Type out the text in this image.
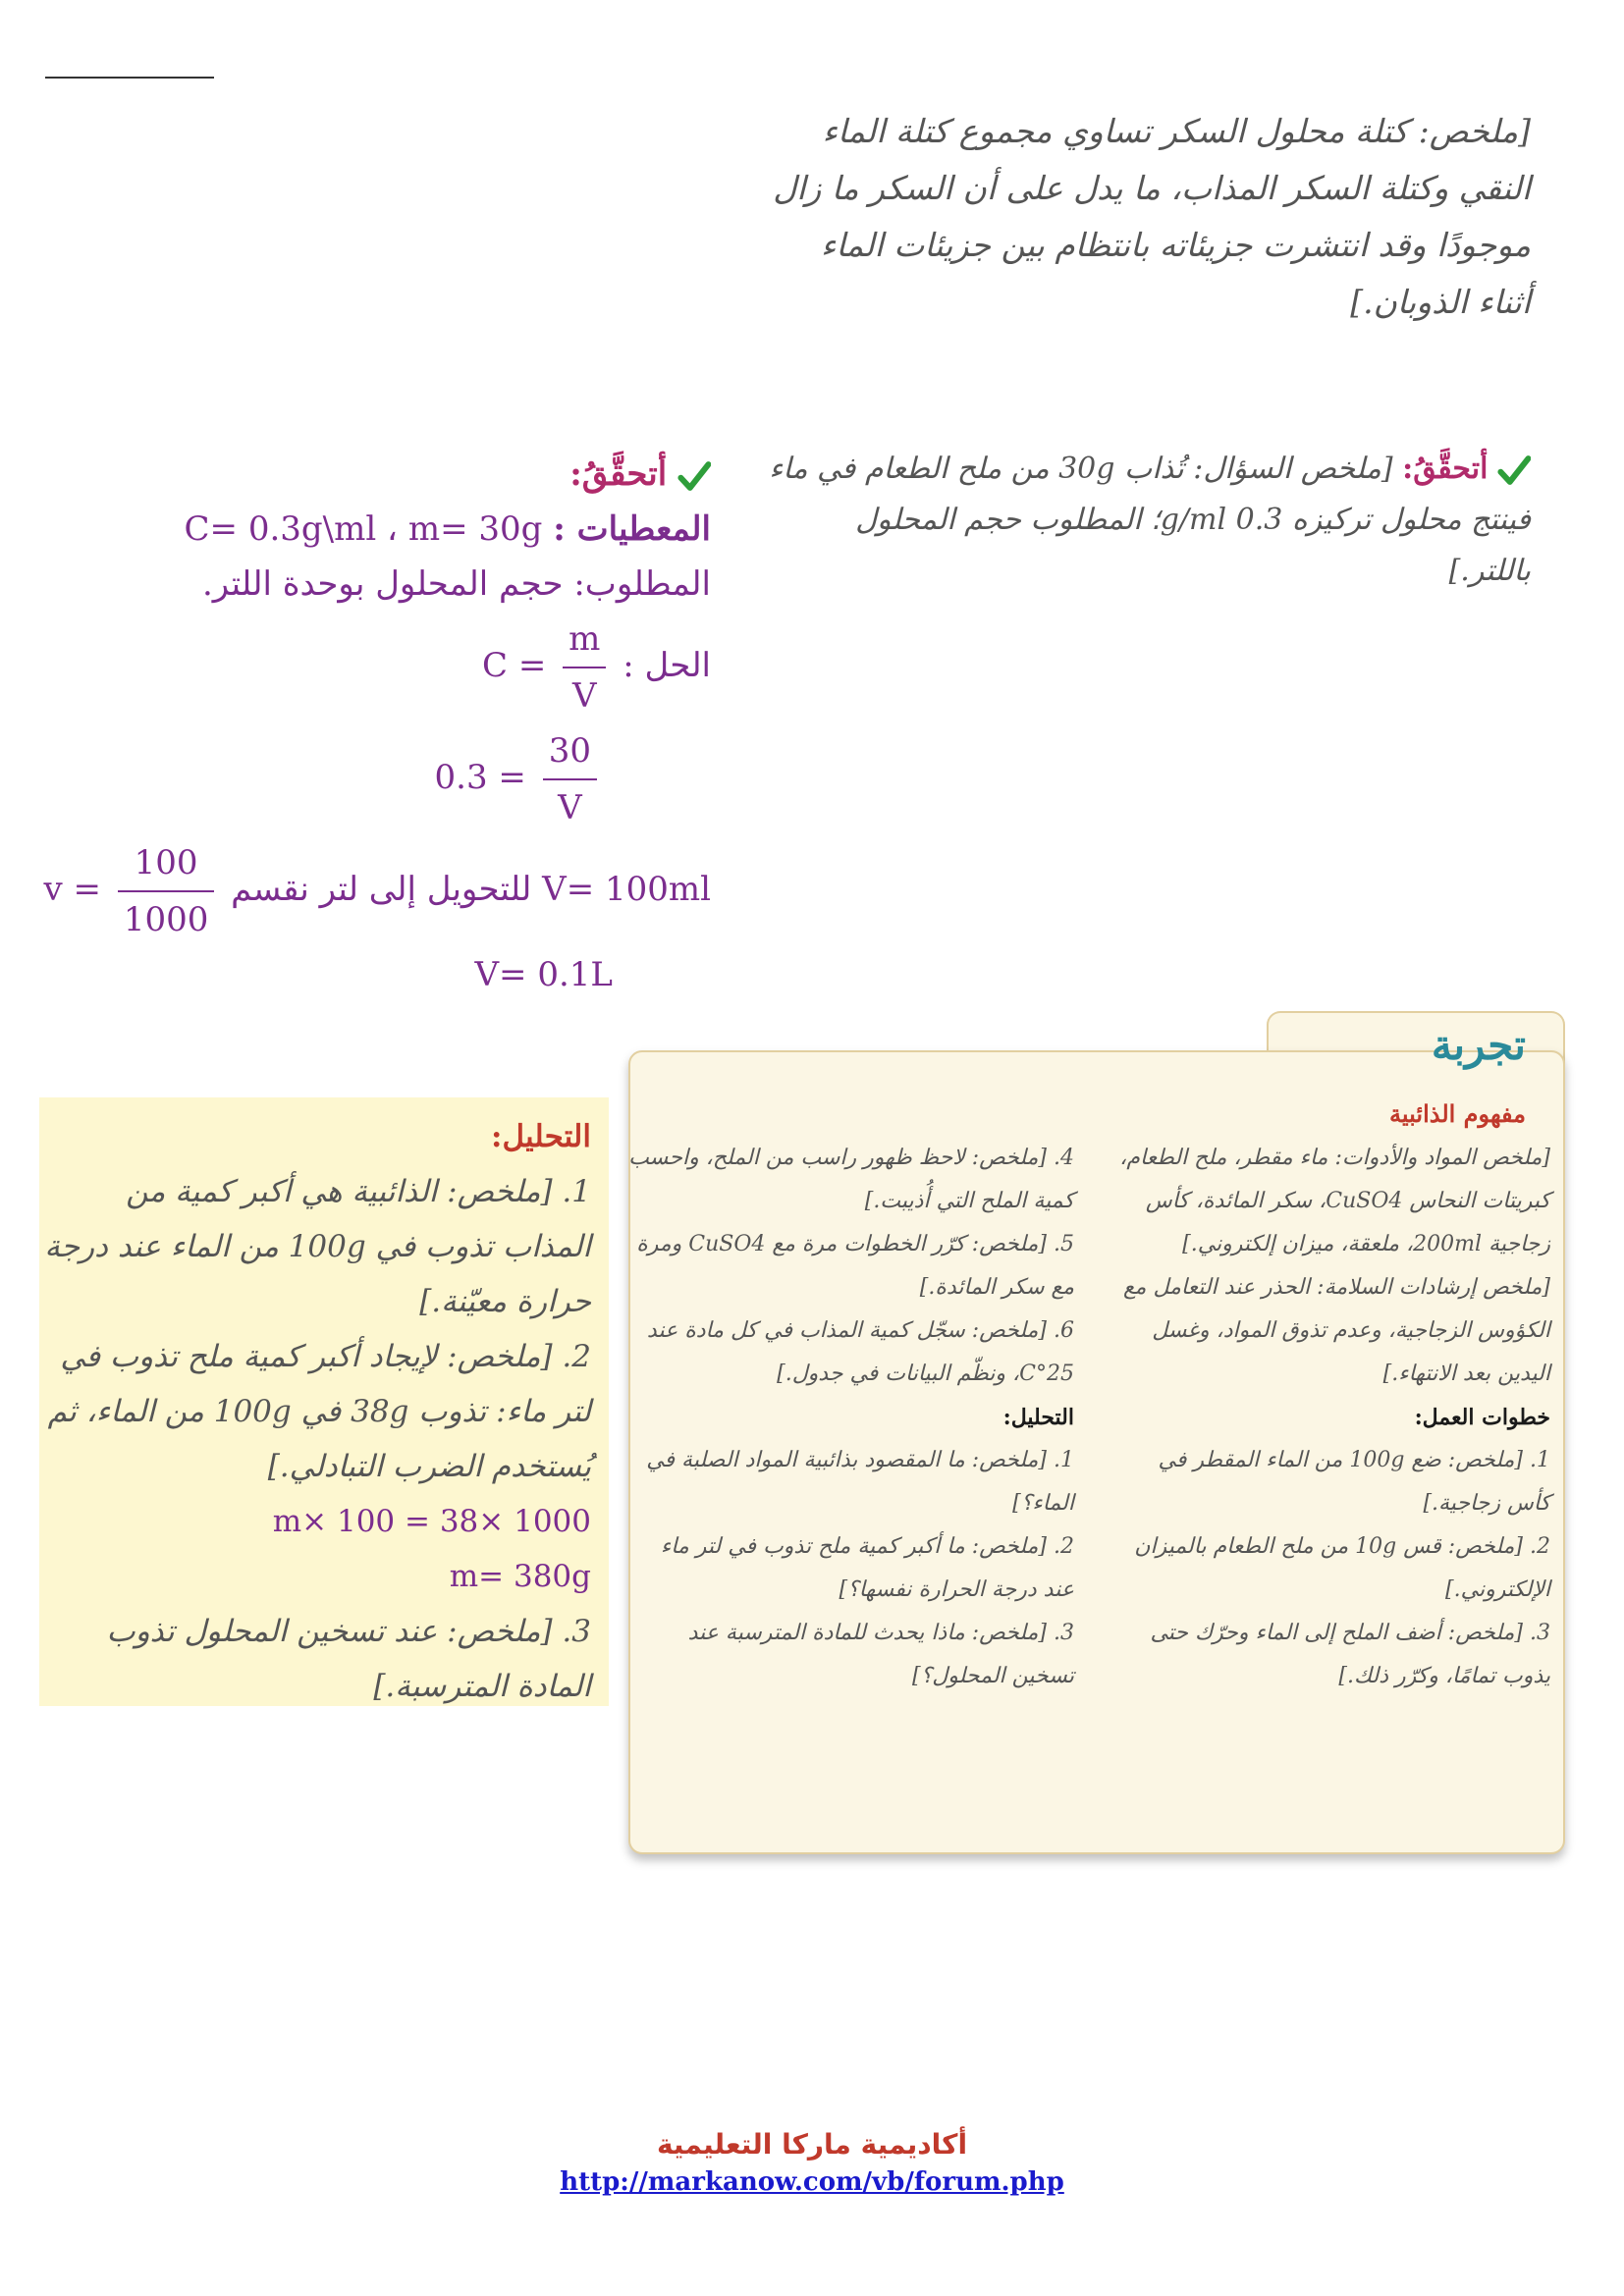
[ملخص: كتلة محلول السكر تساوي مجموع كتلة الماء النقي وكتلة السكر المذاب، ما يدل على أن السكر ما زال موجودًا وقد انتشرت جزيئاته بانتظام بين جزيئات الماء أثناء الذوبان.]
أتحقَّقُ: [ملخص السؤال: تُذاب 30g من ملح الطعام في ماء فينتج محلول تركيزه 0.3 g/ml؛ المطلوب حجم المحلول باللتر.]
أتحقَّقُ:
المعطيات : C= 0.3g\ml ، m= 30g
المطلوب: حجم المحلول بوحدة اللتر.
الحل : $C = \frac{m}{V}$
$0.3 = \frac{30}{V}$
V= 100ml للتحويل إلى لتر نقسم $v = \frac{100}{1000}$
V= 0.1L
تجربة
مفهوم الذائبية
[ملخص المواد والأدوات: ماء مقطر، ملح الطعام، كبريتات النحاس CuSO4، سكر المائدة، كأس زجاجية 200ml، ملعقة، ميزان إلكتروني.]
[ملخص إرشادات السلامة: الحذر عند التعامل مع الكؤوس الزجاجية، وعدم تذوق المواد، وغسل اليدين بعد الانتهاء.]
خطوات العمل:
1. [ملخص: ضع 100g من الماء المقطر في كأس زجاجية.]
2. [ملخص: قس 10g من ملح الطعام بالميزان الإلكتروني.]
3. [ملخص: أضف الملح إلى الماء وحرّك حتى يذوب تمامًا، وكرّر ذلك.]
4. [ملخص: لاحظ ظهور راسب من الملح، واحسب كمية الملح التي أُذيبت.]
5. [ملخص: كرّر الخطوات مرة مع CuSO4 ومرة مع سكر المائدة.]
6. [ملخص: سجّل كمية المذاب في كل مادة عند 25°C، ونظّم البيانات في جدول.]
التحليل:
1. [ملخص: ما المقصود بذائبية المواد الصلبة في الماء؟]
2. [ملخص: ما أكبر كمية ملح تذوب في لتر ماء عند درجة الحرارة نفسها؟]
3. [ملخص: ماذا يحدث للمادة المترسبة عند تسخين المحلول؟]
التحليل:
1. [ملخص: الذائبية هي أكبر كمية من المذاب تذوب في 100g من الماء عند درجة حرارة معيّنة.]
2. [ملخص: لإيجاد أكبر كمية ملح تذوب في لتر ماء: تذوب 38g في 100g من الماء، ثم يُستخدم الضرب التبادلي.]
m× 100 = 38× 1000
m= 380g
3. [ملخص: عند تسخين المحلول تذوب المادة المترسبة.]
أكاديمية ماركا التعليمية
http://markanow.com/vb/forum.php
